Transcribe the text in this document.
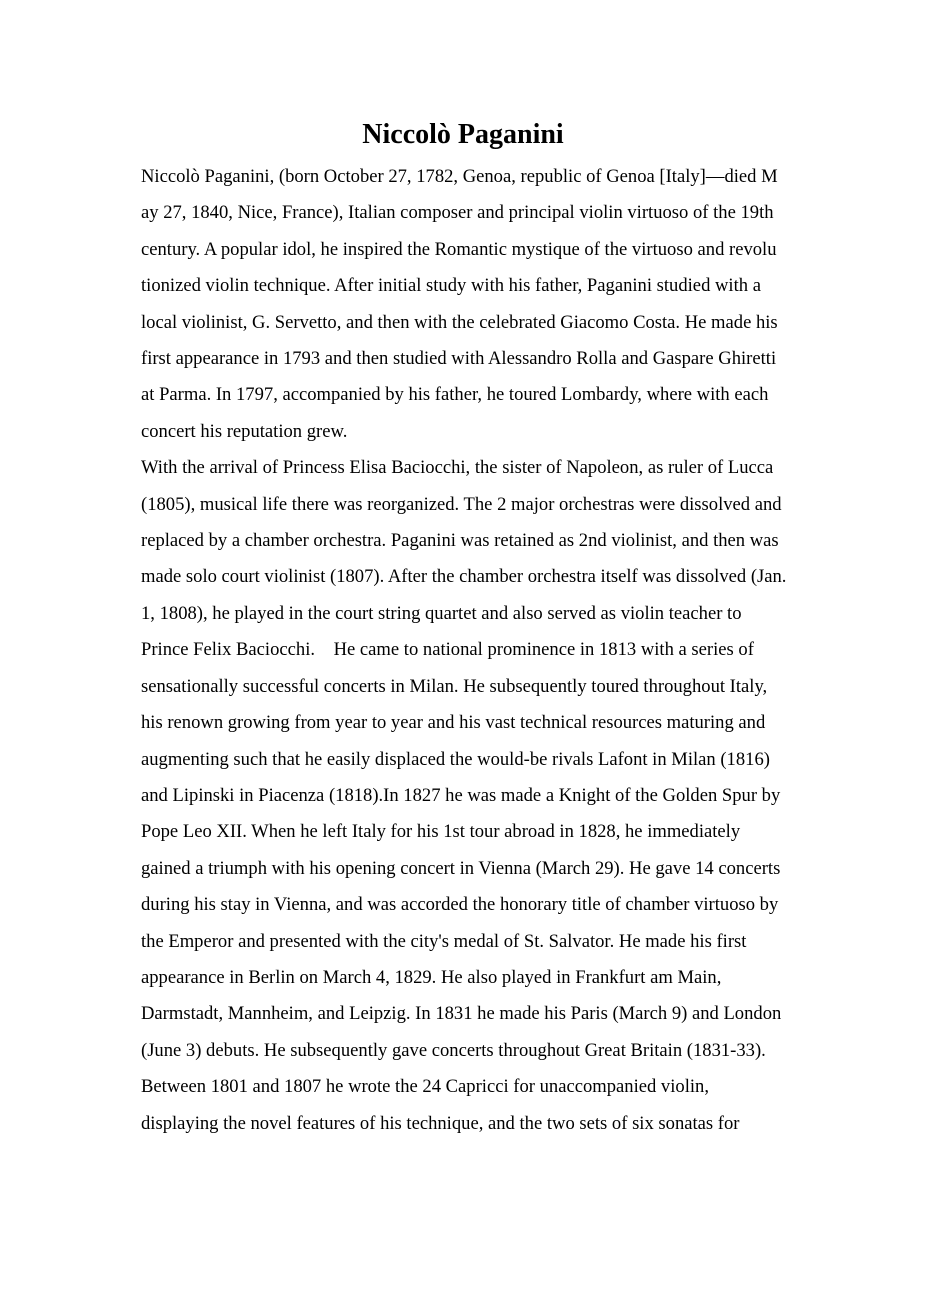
Niccolò Paganini
Niccolò Paganini, (born October 27, 1782, Genoa, republic of Genoa [Italy]—died M
ay 27, 1840, Nice, France), Italian composer and principal violin virtuoso of the 19th
century. A popular idol, he inspired the Romantic mystique of the virtuoso and revolu
tionized violin technique. After initial study with his father, Paganini studied with a
local violinist, G. Servetto, and then with the celebrated Giacomo Costa. He made his
first appearance in 1793 and then studied with Alessandro Rolla and Gaspare Ghiretti
at Parma. In 1797, accompanied by his father, he toured Lombardy, where with each
concert his reputation grew.
With the arrival of Princess Elisa Baciocchi, the sister of Napoleon, as ruler of Lucca
(1805), musical life there was reorganized. The 2 major orchestras were dissolved and
replaced by a chamber orchestra. Paganini was retained as 2nd violinist, and then was
made solo court violinist (1807). After the chamber orchestra itself was dissolved (Jan.
1, 1808), he played in the court string quartet and also served as violin teacher to
Prince Felix Baciocchi.    He came to national prominence in 1813 with a series of
sensationally successful concerts in Milan. He subsequently toured throughout Italy,
his renown growing from year to year and his vast technical resources maturing and
augmenting such that he easily displaced the would-be rivals Lafont in Milan (1816)
and Lipinski in Piacenza (1818).In 1827 he was made a Knight of the Golden Spur by
Pope Leo XII. When he left Italy for his 1st tour abroad in 1828, he immediately
gained a triumph with his opening concert in Vienna (March 29). He gave 14 concerts
during his stay in Vienna, and was accorded the honorary title of chamber virtuoso by
the Emperor and presented with the city's medal of St. Salvator. He made his first
appearance in Berlin on March 4, 1829. He also played in Frankfurt am Main,
Darmstadt, Mannheim, and Leipzig. In 1831 he made his Paris (March 9) and London
(June 3) debuts. He subsequently gave concerts throughout Great Britain (1831-33).
Between 1801 and 1807 he wrote the 24 Capricci for unaccompanied violin,
displaying the novel features of his technique, and the two sets of six sonatas for
